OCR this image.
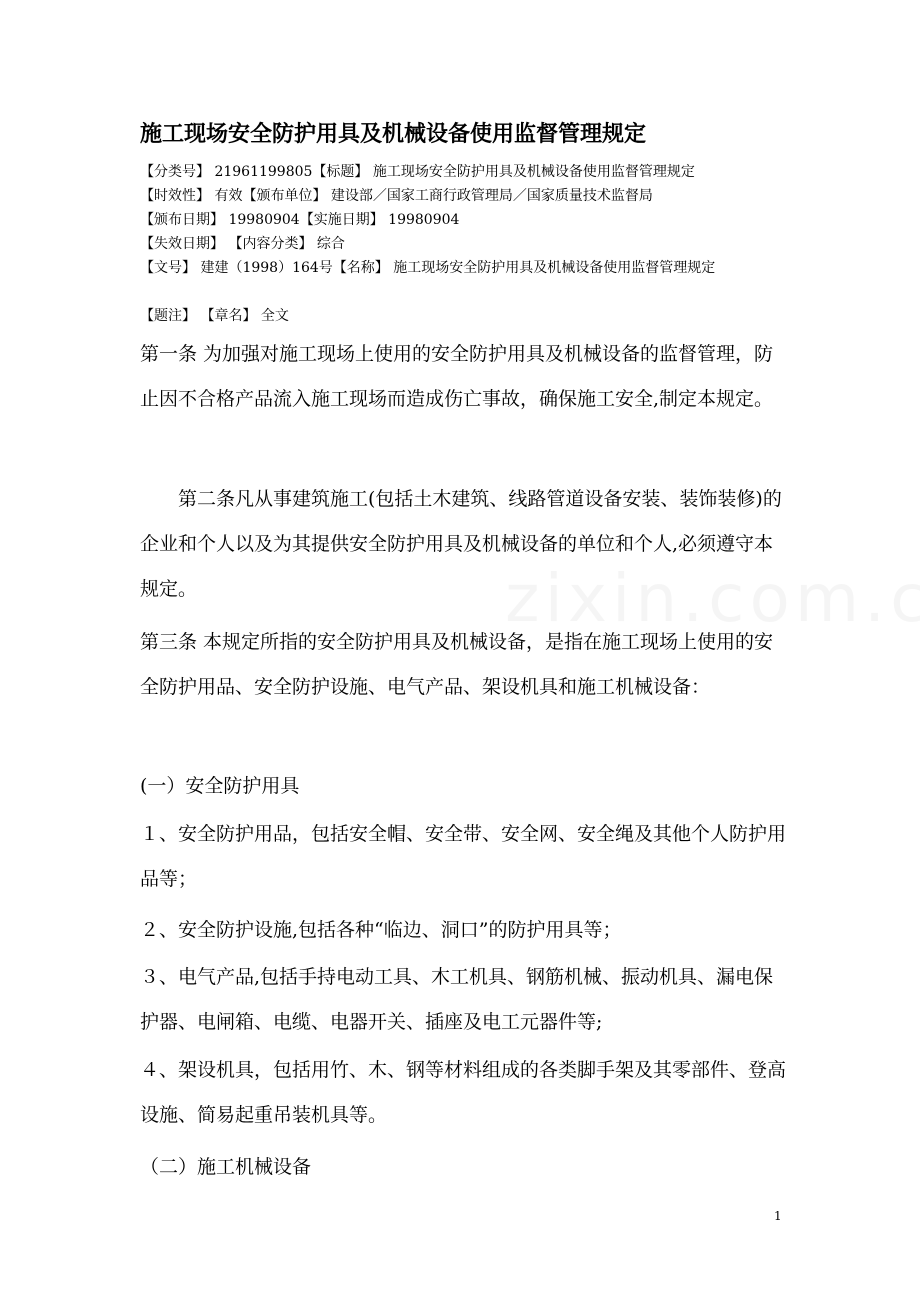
施工现场安全防护用具及机械设备使用监督管理规定
【分类号】 21961199805【标题】 施工现场安全防护用具及机械设备使用监督管理规定
【时效性】 有效【颁布单位】 建设部／国家工商行政管理局／国家质量技术监督局
【颁布日期】 19980904【实施日期】 19980904
【失效日期】 【内容分类】 综合
【文号】 建建（1998）164号【名称】 施工现场安全防护用具及机械设备使用监督管理规定
【题注】 【章名】 全文
第一条 为加强对施工现场上使用的安全防护用具及机械设备的监督管理，防止因不合格产品流入施工现场而造成伤亡事故，确保施工安全,制定本规定。
第二条凡从事建筑施工(包括土木建筑、线路管道设备安装、装饰装修)的企业和个人以及为其提供安全防护用具及机械设备的单位和个人,必须遵守本规定。
第三条 本规定所指的安全防护用具及机械设备，是指在施工现场上使用的安全防护用品、安全防护设施、电气产品、架设机具和施工机械设备：
(一）安全防护用具
１、安全防护用品，包括安全帽、安全带、安全网、安全绳及其他个人防护用品等；
２、安全防护设施,包括各种“临边、洞口”的防护用具等；
３、电气产品,包括手持电动工具、木工机具、钢筋机械、振动机具、漏电保护器、电闸箱、电缆、电器开关、插座及电工元器件等;
４、架设机具，包括用竹、木、钢等材料组成的各类脚手架及其零部件、登高设施、简易起重吊装机具等。
（二）施工机械设备
1
